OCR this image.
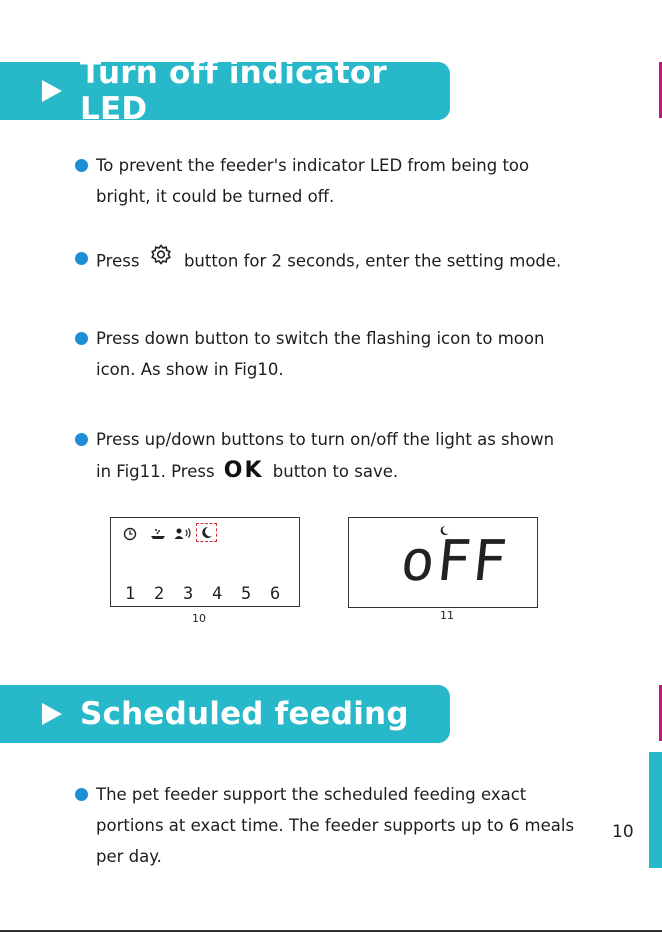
Turn off indicator LED
To prevent the feeder's indicator LED from being too
bright, it could be turned off.
Press	button for 2 seconds, enter the setting mode.
Press down button to switch the flashing icon to moon
icon. As show in Fig10.
Press up/down buttons to turn on/off the light as shown
in Fig11. Press OK button to save.
1 2 3 4 5 6
10
oFF
11
Scheduled feeding
The pet feeder support the scheduled feeding exact
portions at exact time. The feeder supports up to 6 meals
per day.
10
